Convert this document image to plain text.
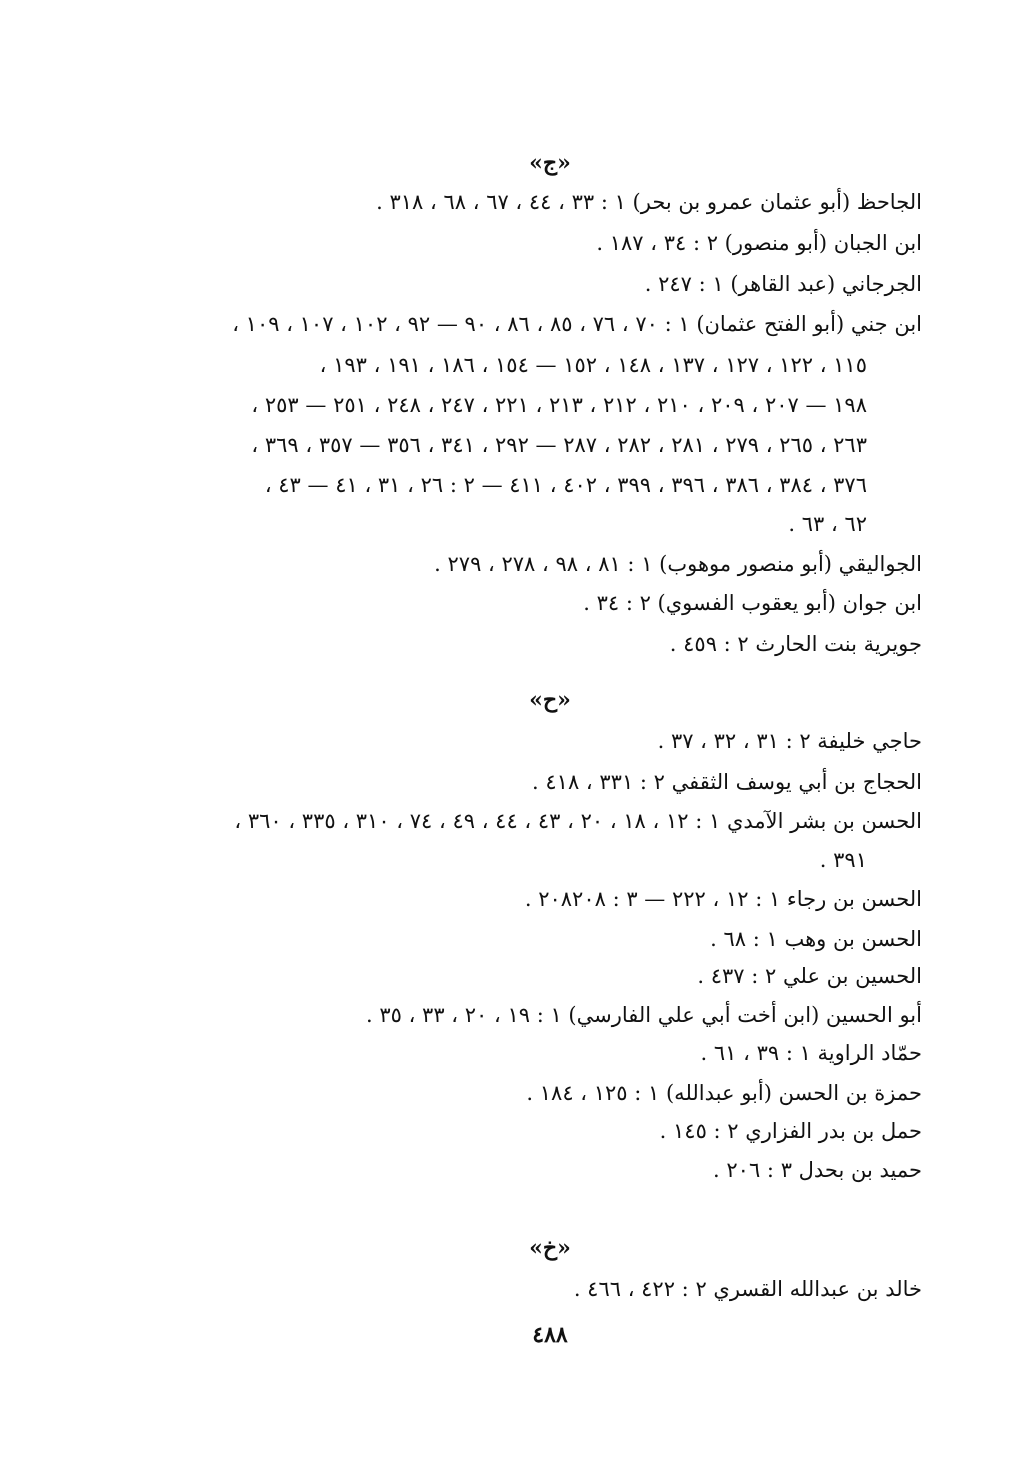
«ج»
الجاحظ (أبو عثمان عمرو بن بحر) ١ : ٣٣ ، ٤٤ ، ٦٧ ، ٦٨ ، ٣١٨ .
ابن الجبان (أبو منصور) ٢ : ٣٤ ، ١٨٧ .
الجرجاني (عبد القاهر) ١ : ٢٤٧ .
ابن جني (أبو الفتح عثمان) ١ : ٧٠ ، ٧٦ ، ٨٥ ، ٨٦ ، ٩٠ — ٩٢ ، ١٠٢ ، ١٠٧ ، ١٠٩ ،
١١٥ ، ١٢٢ ، ١٢٧ ، ١٣٧ ، ١٤٨ ، ١٥٢ — ١٥٤ ، ١٨٦ ، ١٩١ ، ١٩٣ ،
١٩٨ — ٢٠٧ ، ٢٠٩ ، ٢١٠ ، ٢١٢ ، ٢١٣ ، ٢٢١ ، ٢٤٧ ، ٢٤٨ ، ٢٥١ — ٢٥٣ ،
٢٦٣ ، ٢٦٥ ، ٢٧٩ ، ٢٨١ ، ٢٨٢ ، ٢٨٧ — ٢٩٢ ، ٣٤١ ، ٣٥٦ — ٣٥٧ ، ٣٦٩ ،
٣٧٦ ، ٣٨٤ ، ٣٨٦ ، ٣٩٦ ، ٣٩٩ ، ٤٠٢ ، ٤١١ — ٢ : ٢٦ ، ٣١ ، ٤١ — ٤٣ ،
٦٢ ، ٦٣ .
الجواليقي (أبو منصور موهوب) ١ : ٨١ ، ٩٨ ، ٢٧٨ ، ٢٧٩ .
ابن جوان (أبو يعقوب الفسوي) ٢ : ٣٤ .
جويرية بنت الحارث ٢ : ٤٥٩ .
«ح»
حاجي خليفة ٢ : ٣١ ، ٣٢ ، ٣٧ .
الحجاج بن أبي يوسف الثقفي ٢ : ٣٣١ ، ٤١٨ .
الحسن بن بشر الآمدي ١ : ١٢ ، ١٨ ، ٢٠ ، ٤٣ ، ٤٤ ، ٤٩ ، ٧٤ ، ٣١٠ ، ٣٣٥ ، ٣٦٠ ،
٣٩١ .
الحسن بن رجاء ١ : ١٢ ، ٢٢٢ — ٣ : ٢٠٨٢٠٨ .
الحسن بن وهب ١ : ٦٨ .
الحسين بن علي ٢ : ٤٣٧ .
أبو الحسين (ابن أخت أبي علي الفارسي) ١ : ١٩ ، ٢٠ ، ٣٣ ، ٣٥ .
حمّاد الراوية ١ : ٣٩ ، ٦١ .
حمزة بن الحسن (أبو عبدالله) ١ : ١٢٥ ، ١٨٤ .
حمل بن بدر الفزاري ٢ : ١٤٥ .
حميد بن بحدل ٣ : ٢٠٦ .
«خ»
خالد بن عبدالله القسري ٢ : ٤٢٢ ، ٤٦٦ .
٤٨٨
